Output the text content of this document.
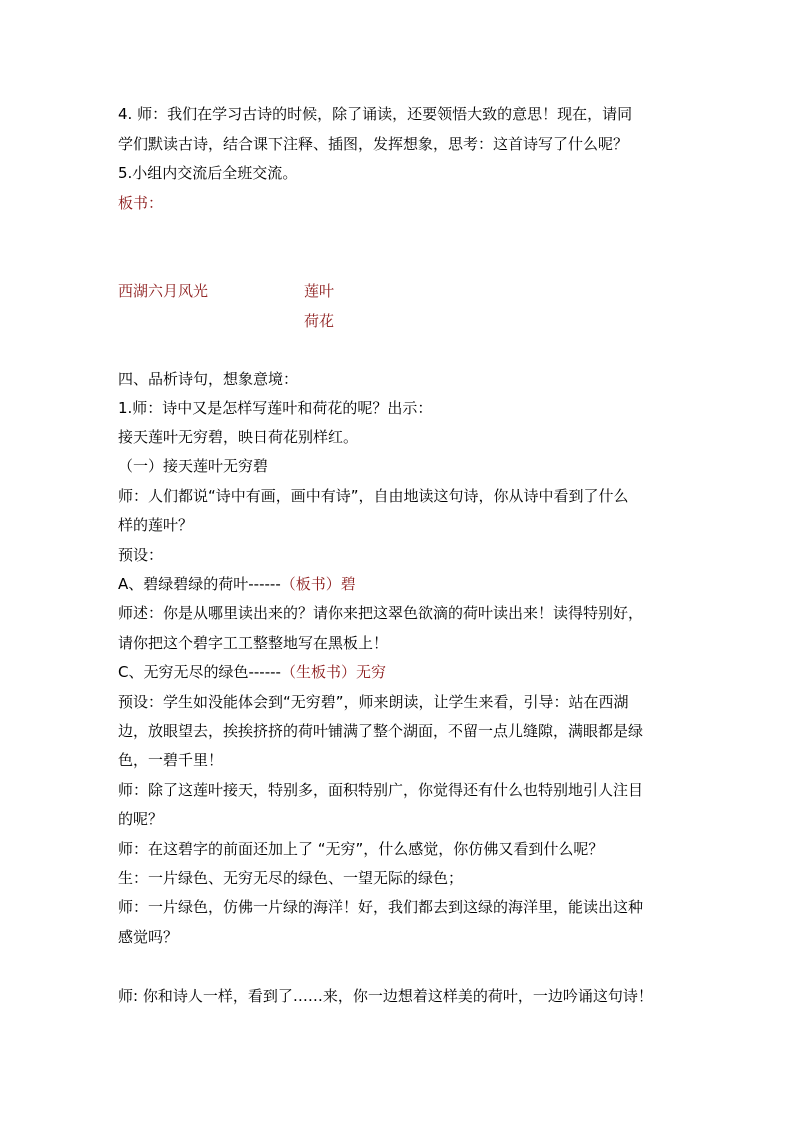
4. 师：我们在学习古诗的时候，除了诵读，还要领悟大致的意思！现在，请同
学们默读古诗，结合课下注释、插图，发挥想象，思考：这首诗写了什么呢？
5.小组内交流后全班交流。
板书：
西湖六月风光	莲叶
荷花
四、品析诗句，想象意境：
1.师：诗中又是怎样写莲叶和荷花的呢？出示：
接天莲叶无穷碧，映日荷花别样红。
（一）接天莲叶无穷碧
师：人们都说“诗中有画，画中有诗”，自由地读这句诗，你从诗中看到了什么
样的莲叶？
预设：
A、碧绿碧绿的荷叶------（板书）碧
师述：你是从哪里读出来的？请你来把这翠色欲滴的荷叶读出来！读得特别好，
请你把这个碧字工工整整地写在黑板上！
C、无穷无尽的绿色------（生板书）无穷
预设：学生如没能体会到“无穷碧”，师来朗读，让学生来看，引导：站在西湖
边，放眼望去，挨挨挤挤的荷叶铺满了整个湖面，不留一点儿缝隙，满眼都是绿
色，一碧千里！
师：除了这莲叶接天，特别多，面积特别广，你觉得还有什么也特别地引人注目
的呢？
师：在这碧字的前面还加上了 “无穷”，什么感觉，你仿佛又看到什么呢？
生：一片绿色、无穷无尽的绿色、一望无际的绿色；
师：一片绿色，仿佛一片绿的海洋！好，我们都去到这绿的海洋里，能读出这种
感觉吗？
师: 你和诗人一样，看到了……来，你一边想着这样美的荷叶，一边吟诵这句诗！
